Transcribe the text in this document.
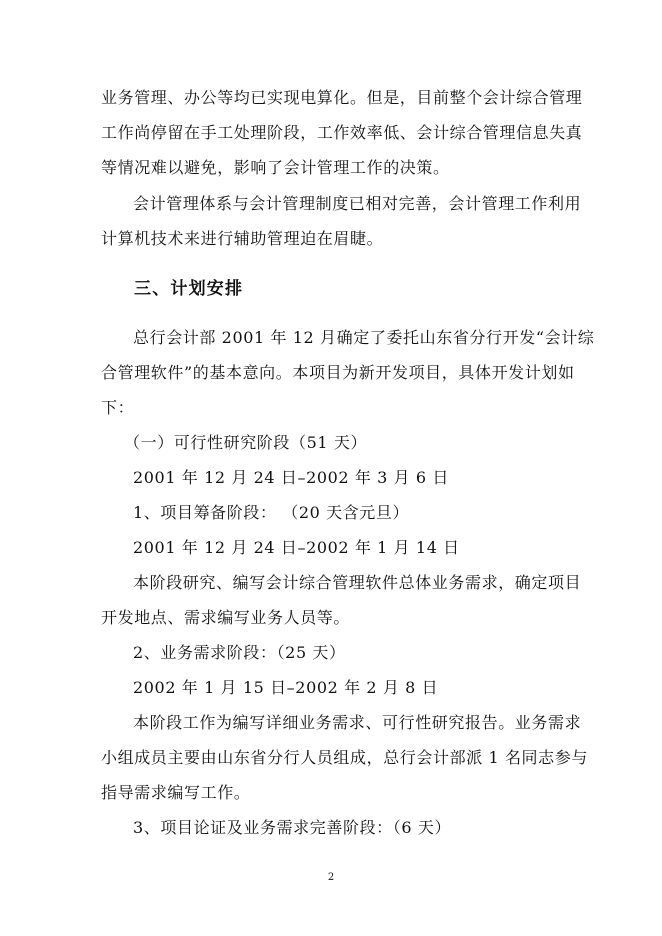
业务管理、办公等均已实现电算化。但是，目前整个会计综合管理
工作尚停留在手工处理阶段，工作效率低、会计综合管理信息失真
等情况难以避免，影响了会计管理工作的决策。
会计管理体系与会计管理制度已相对完善，会计管理工作利用
计算机技术来进行辅助管理迫在眉睫。
三、计划安排
总行会计部 2001 年 12 月确定了委托山东省分行开发“会计综
合管理软件”的基本意向。本项目为新开发项目，具体开发计划如
下：
（一）可行性研究阶段（51 天）
2001 年 12 月 24 日–2002 年 3 月 6 日
1、项目筹备阶段： （20 天含元旦）
2001 年 12 月 24 日–2002 年 1 月 14 日
本阶段研究、编写会计综合管理软件总体业务需求，确定项目
开发地点、需求编写业务人员等。
2、业务需求阶段：（25 天）
2002 年 1 月 15 日–2002 年 2 月 8 日
本阶段工作为编写详细业务需求、可行性研究报告。业务需求
小组成员主要由山东省分行人员组成，总行会计部派 1 名同志参与
指导需求编写工作。
3、项目论证及业务需求完善阶段：（6 天）
2
